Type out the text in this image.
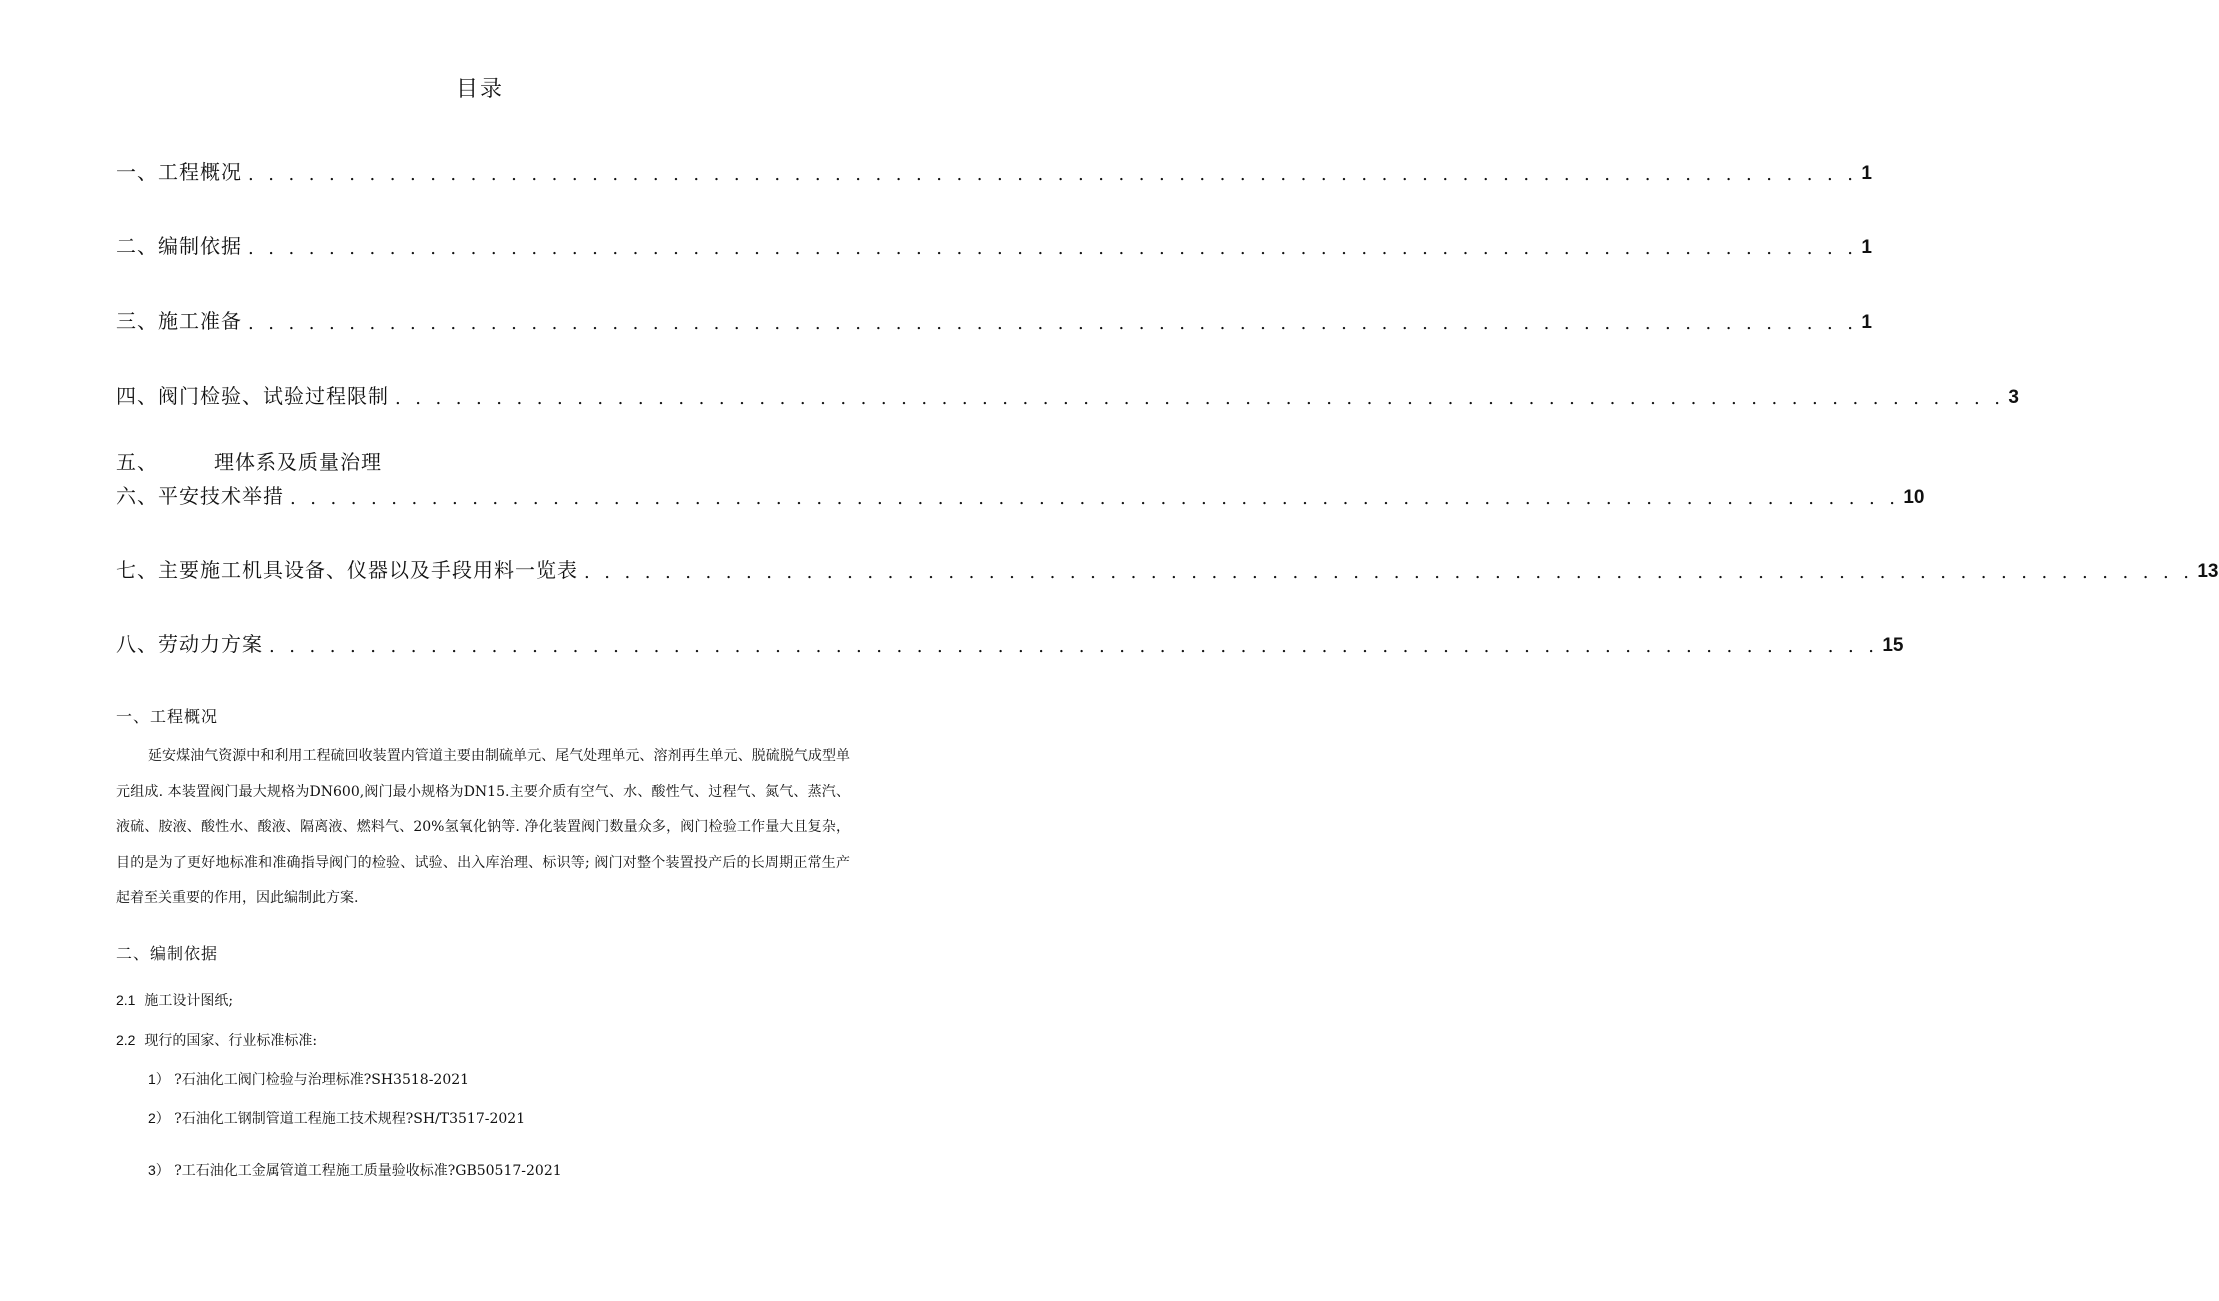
目录
一、工程概况 . . . . . . . . . . . . . . . . . . . . . . . . . . . . . . . . . . . . . . . . . . . . . . . . . . . . . . . . . . . . . . . . . . . . . . . . . . . . . . . . 1
二、编制依据 . . . . . . . . . . . . . . . . . . . . . . . . . . . . . . . . . . . . . . . . . . . . . . . . . . . . . . . . . . . . . . . . . . . . . . . . . . . . . . . . 1
三、施工准备 . . . . . . . . . . . . . . . . . . . . . . . . . . . . . . . . . . . . . . . . . . . . . . . . . . . . . . . . . . . . . . . . . . . . . . . . . . . . . . . . 1
四、阀门检验、试验过程限制 . . . . . . . . . . . . . . . . . . . . . . . . . . . . . . . . . . . . . . . . . . . . . . . . . . . . . . . . . . . . . . . . . . . . . . . . . . . . . . . . 3
五、	理体系及质量治理
六、平安技术举措 . . . . . . . . . . . . . . . . . . . . . . . . . . . . . . . . . . . . . . . . . . . . . . . . . . . . . . . . . . . . . . . . . . . . . . . . . . . . . . . . 10
七、主要施工机具设备、仪器以及手段用料一览表 . . . . . . . . . . . . . . . . . . . . . . . . . . . . . . . . . . . . . . . . . . . . . . . . . . . . . . . . . . . . . . . . . . . . . . . . . . . . . . . . 13
八、劳动力方案 . . . . . . . . . . . . . . . . . . . . . . . . . . . . . . . . . . . . . . . . . . . . . . . . . . . . . . . . . . . . . . . . . . . . . . . . . . . . . . . . 15
一、工程概况
延安煤油气资源中和利用工程硫回收装置内管道主要由制硫单元、尾气处理单元、溶剂再生单元、脱硫脱气成型单元组成. 本装置阀门最大规格为DN600,阀门最小规格为DN15.主要介质有空气、水、酸性气、过程气、氮气、蒸汽、液硫、胺液、酸性水、酸液、隔离液、燃料气、20%氢氧化钠等. 净化装置阀门数量众多，阀门检验工作量大且复杂，目的是为了更好地标准和准确指导阀门的检验、试验、出入库治理、标识等; 阀门对整个装置投产后的长周期正常生产起着至关重要的作用，因此编制此方案.
二、编制依据
2.1 施工设计图纸;
2.2 现行的国家、行业标准标准:
1） ?石油化工阀门检验与治理标准?SH3518-2021
2） ?石油化工钢制管道工程施工技术规程?SH/T3517-2021
3） ?工石油化工金属管道工程施工质量验收标准?GB50517-2021
